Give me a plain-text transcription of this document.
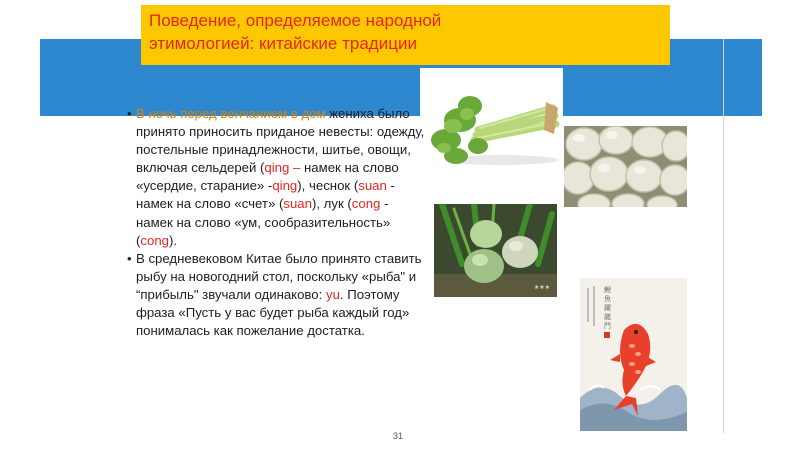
Поведение, определяемое народной
этимологией: китайские традиции
★★★	鯉
魚
躍
龍
門
• В ночь перед венчанием в дом жениха было принято приносить приданое невесты: одежду, постельные принадлежности, шитье, овощи, включая сельдерей (qing – намек на слово «усердие, старание» -qing), чеснок (suan - намек на слово «счет» (suan), лук (cong - намек на слово «ум, сообразительность» (cong).
• В средневековом Китае было принято ставить рыбу на новогодний стол, поскольку «рыба" и “прибыль" звучали одинаково: yu. Поэтому фраза «Пусть у вас будет рыба каждый год» понималась как пожелание достатка.
31
